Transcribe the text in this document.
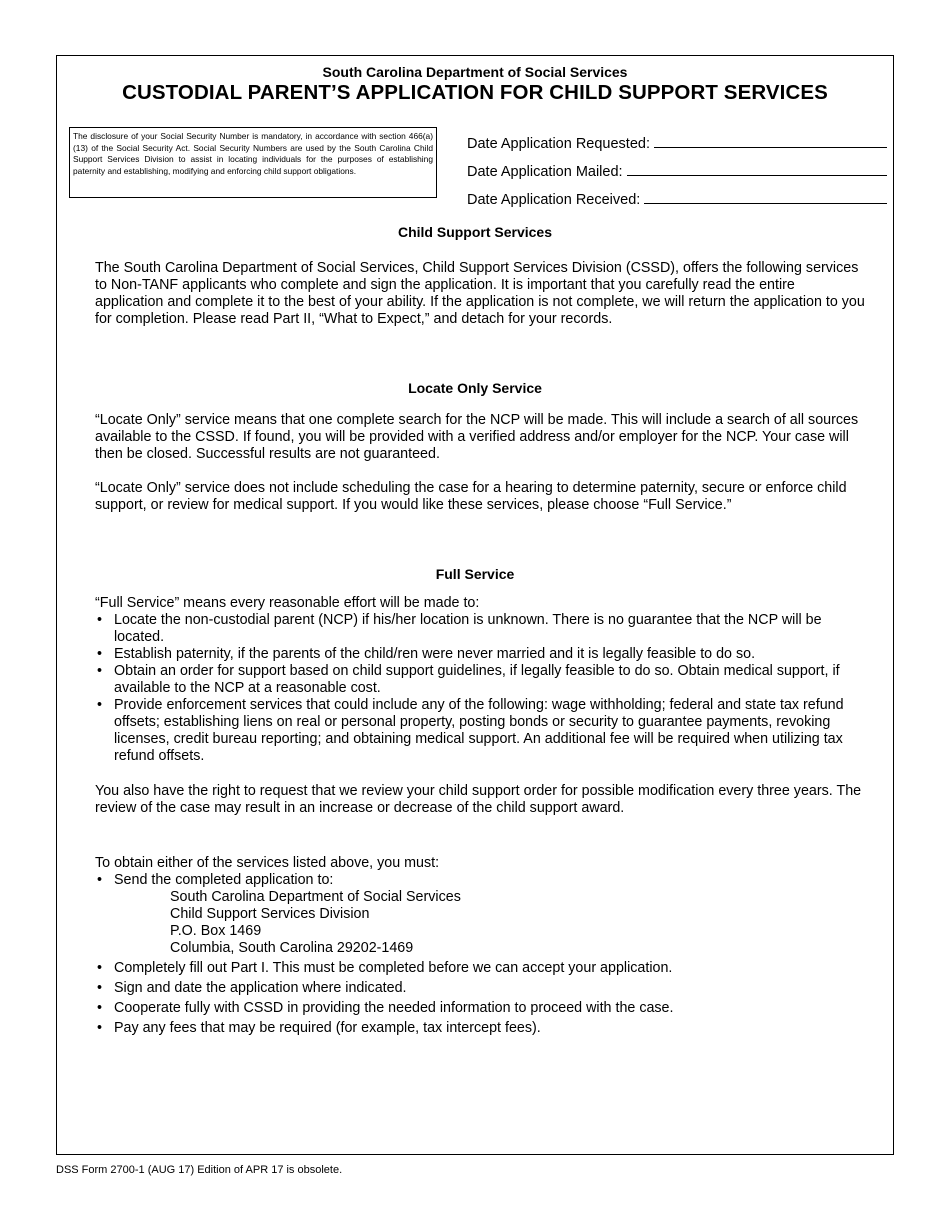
South Carolina Department of Social Services
CUSTODIAL PARENT’S APPLICATION FOR CHILD SUPPORT SERVICES
The disclosure of your Social Security Number is mandatory, in accordance with section 466(a)(13) of the Social Security Act. Social Security Numbers are used by the South Carolina Child Support Services Division to assist in locating individuals for the purposes of establishing paternity and establishing, modifying and enforcing child support obligations.
Date Application Requested:
Date Application Mailed:
Date Application Received:
Child Support Services
The South Carolina Department of Social Services, Child Support Services Division (CSSD), offers the following services to Non-TANF applicants who complete and sign the application. It is important that you carefully read the entire application and complete it to the best of your ability. If the application is not complete, we will return the application to you for completion. Please read Part II, “What to Expect,” and detach for your records.
Locate Only Service
“Locate Only” service means that one complete search for the NCP will be made. This will include a search of all sources available to the CSSD. If found, you will be provided with a verified address and/or employer for the NCP. Your case will then be closed. Successful results are not guaranteed.
“Locate Only” service does not include scheduling the case for a hearing to determine paternity, secure or enforce child support, or review for medical support. If you would like these services, please choose “Full Service.”
Full Service
“Full Service” means every reasonable effort will be made to:
• Locate the non-custodial parent (NCP) if his/her location is unknown. There is no guarantee that the NCP will be located.
• Establish paternity, if the parents of the child/ren were never married and it is legally feasible to do so.
• Obtain an order for support based on child support guidelines, if legally feasible to do so. Obtain medical support, if available to the NCP at a reasonable cost.
• Provide enforcement services that could include any of the following: wage withholding; federal and state tax refund offsets; establishing liens on real or personal property, posting bonds or security to guarantee payments, revoking licenses, credit bureau reporting; and obtaining medical support. An additional fee will be required when utilizing tax refund offsets.
You also have the right to request that we review your child support order for possible modification every three years. The review of the case may result in an increase or decrease of the child support award.
To obtain either of the services listed above, you must:
• Send the completed application to:
South Carolina Department of Social Services
Child Support Services Division
P.O. Box 1469
Columbia, South Carolina 29202-1469
• Completely fill out Part I. This must be completed before we can accept your application.
• Sign and date the application where indicated.
• Cooperate fully with CSSD in providing the needed information to proceed with the case.
• Pay any fees that may be required (for example, tax intercept fees).
DSS Form 2700-1 (AUG 17) Edition of APR 17 is obsolete.
